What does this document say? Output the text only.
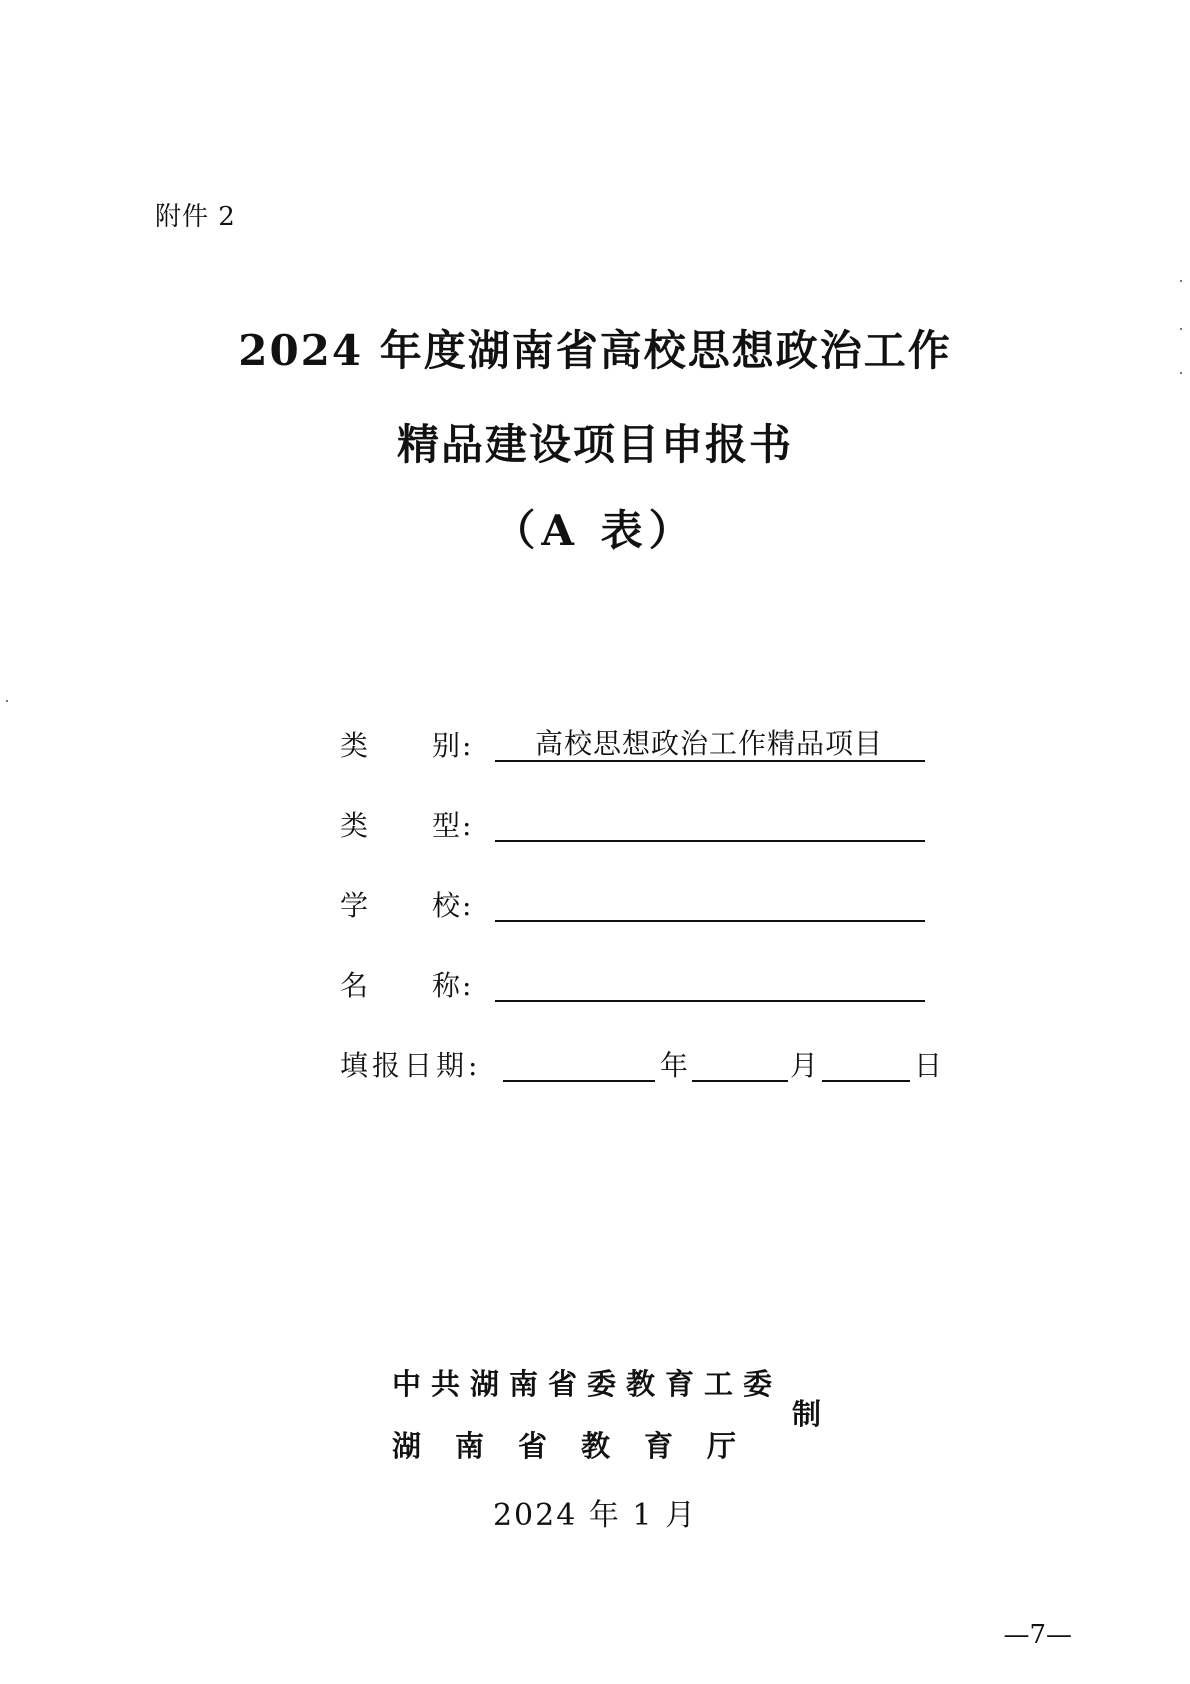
附件 2
2024 年度湖南省高校思想政治工作
精品建设项目申报书
（A 表）
类 别 : 高校思想政治工作精品项目
类 型 :
学 校 :
名 称 :
填报日期:	年	月	日
中共湖南省委教育工委
湖南省教育厅
制
2024 年 1 月
—7—
